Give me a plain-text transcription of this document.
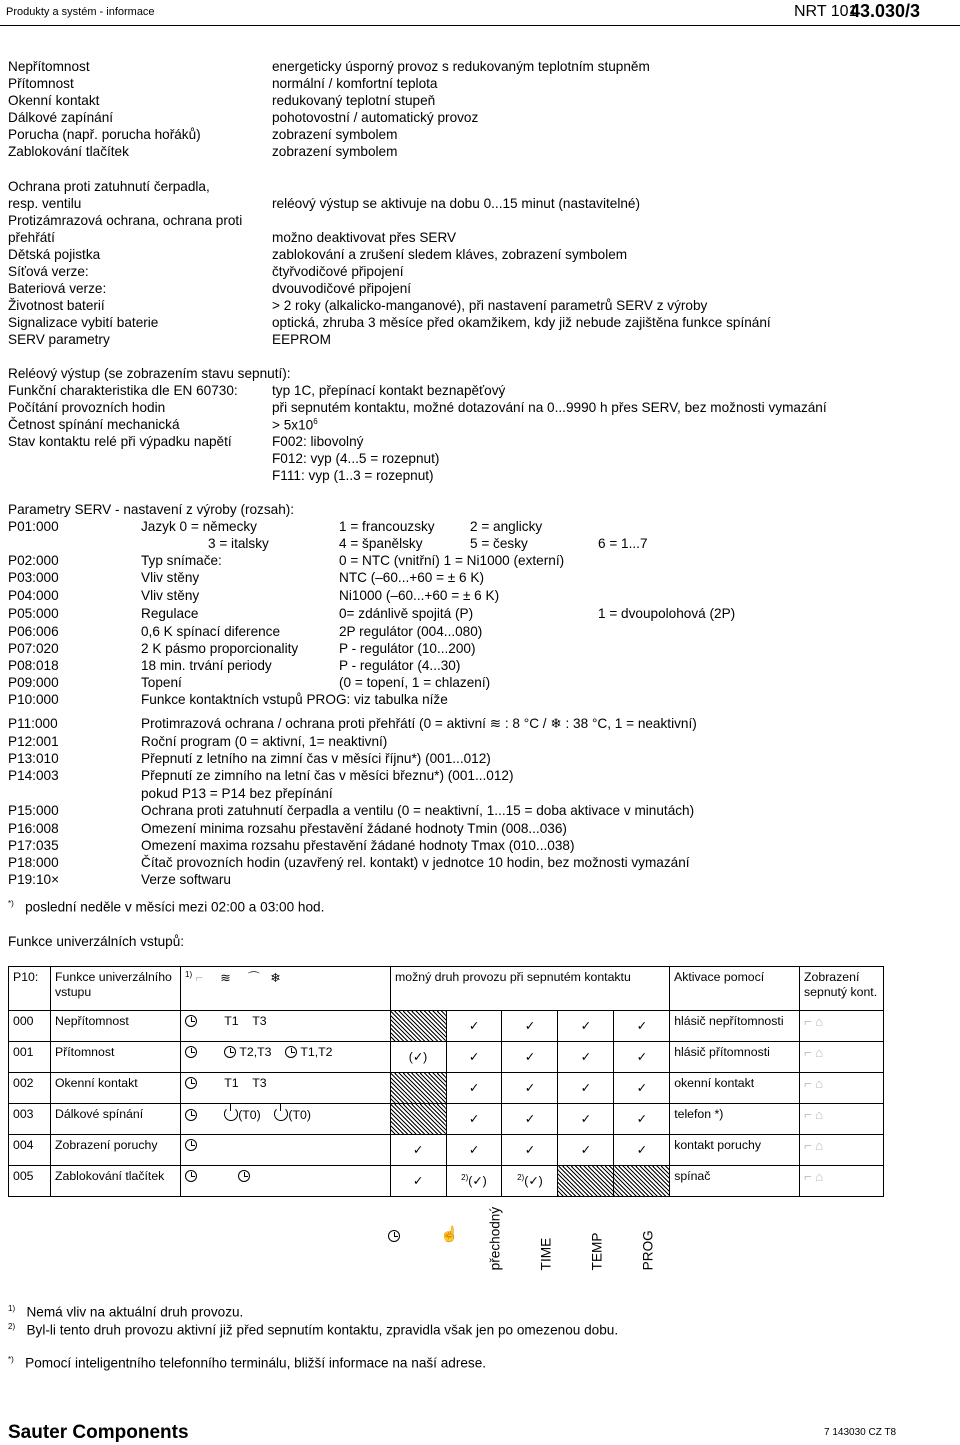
Produkty a systém - informace	NRT 101
43.030/3
Nepřítomnost	energeticky úsporný provoz s redukovaným teplotním stupněm
Přítomnost	normální / komfortní teplota
Okenní kontakt	redukovaný teplotní stupeň
Dálkové zapínání	pohotovostní / automatický provoz
Porucha (např. porucha hořáků)	zobrazení symbolem
Zablokování tlačítek	zobrazení symbolem
Ochrana proti zatuhnutí čerpadla,
resp. ventilu	reléový výstup se aktivuje na dobu 0...15 minut (nastavitelné)
Protizámrazová ochrana, ochrana proti
přehřátí	možno deaktivovat přes SERV
Dětská pojistka	zablokování a zrušení sledem kláves, zobrazení symbolem
Síťová verze:	čtyřvodičové připojení
Bateriová verze:	dvouvodičové připojení
Životnost baterií	> 2 roky (alkalicko-manganové), při nastavení parametrů SERV z výroby
Signalizace vybití baterie	optická, zhruba 3 měsíce před okamžikem, kdy již nebude zajištěna funkce spínání
SERV parametry	EEPROM
Reléový výstup (se zobrazením stavu sepnutí):
Funkční charakteristika dle EN 60730:	typ 1C, přepínací kontakt beznapěťový
Počítání provozních hodin	při sepnutém kontaktu, možné dotazování na 0...9990 h přes SERV, bez možnosti vymazání
Četnost spínání mechanická	> $5x10^6$
Stav kontaktu relé při výpadku napětí	F002: libovolný
F012: vyp (4...5 = rozepnut)
F111: vyp (1..3 = rozepnut)
Parametry SERV - nastavení z výroby (rozsah):
P01:000	Jazyk 0 = německy	1 = francouzsky	2 = anglicky
3 = italsky	4 = španělsky	5 = česky	6 = 1...7
P02:000	Typ snímače:	0 = NTC (vnitřní) 1 = Ni1000 (externí)
P03:000	Vliv stěny	NTC (–60...+60 = ± 6 K)
P04:000	Vliv stěny	Ni1000 (–60...+60 = ± 6 K)
P05:000	Regulace	0= zdánlivě spojitá (P)	1 = dvoupolohová (2P)
P06:006	0,6 K spínací diference	2P regulátor (004...080)
P07:020	2 K pásmo proporcionality	P - regulátor (10...200)
P08:018	18 min. trvání periody	P - regulátor (4...30)
P09:000	Topení	(0 = topení, 1 = chlazení)
P10:000	Funkce kontaktních vstupů PROG: viz tabulka níže
P11:000	Protimrazová ochrana / ochrana proti přehřátí (0 = aktivní ≋ : 8 °C / ❄ : 38 °C, 1 = neaktivní)
P12:001	Roční program (0 = aktivní, 1= neaktivní)
P13:010	Přepnutí z letního na zimní čas v měsíci říjnu*) (001...012)
P14:003	Přepnutí ze zimního na letní čas v měsíci březnu*) (001...012)
pokud P13 = P14 bez přepínání
P15:000	Ochrana proti zatuhnutí čerpadla a ventilu (0 = neaktivní, 1...15 = doba aktivace v minutách)
P16:008	Omezení minima rozsahu přestavění žádané hodnoty Tmin (008...036)
P17:035	Omezení maxima rozsahu přestavění žádané hodnoty Tmax (010...038)
P18:000	Čítač provozních hodin (uzavřený rel. kontakt) v jednotce 10 hodin, bez možnosti vymazání
P19:10×	Verze softwaru
*) poslední neděle v měsíci mezi 02:00 a 03:00 hod.
Funkce univerzálních vstupů:
P10:	Funkce univerzálního vstupu	$^{1)}$ ⌐ ≋ ⌒ ❄	možný druh provozu při sepnutém kontaktu	Aktivace pomocí	Zobrazení sepnutý kont.
000	Nepřítomnost	T1 T3		✓	✓	✓	✓	hlásič nepřítomnosti	⌐ ⌂
001	Přítomnost	T2,T3 T1,T2	(✓)	✓	✓	✓	✓	hlásič přítomnosti	⌐ ⌂
002	Okenní kontakt	T1 T3		✓	✓	✓	✓	okenní kontakt	⌐ ⌂
003	Dálkové spínání	(T0) (T0)		✓	✓	✓	✓	telefon *)	⌐ ⌂
004	Zobrazení poruchy		✓	✓	✓	✓	✓	kontakt poruchy	⌐ ⌂
005	Zablokování tlačítek		✓	$^{2)}$(✓)	$^{2)}$(✓)			spínač	⌐ ⌂
☝ přechodný	TIME	TEMP	PROG
$^{1)}$ Nemá vliv na aktuální druh provozu.
$^{2)}$ Byl-li tento druh provozu aktivní již před sepnutím kontaktu, zpravidla však jen po omezenou dobu.
*) Pomocí inteligentního telefonního terminálu, bližší informace na naší adrese.
Sauter Components	7 143030 CZ T8
